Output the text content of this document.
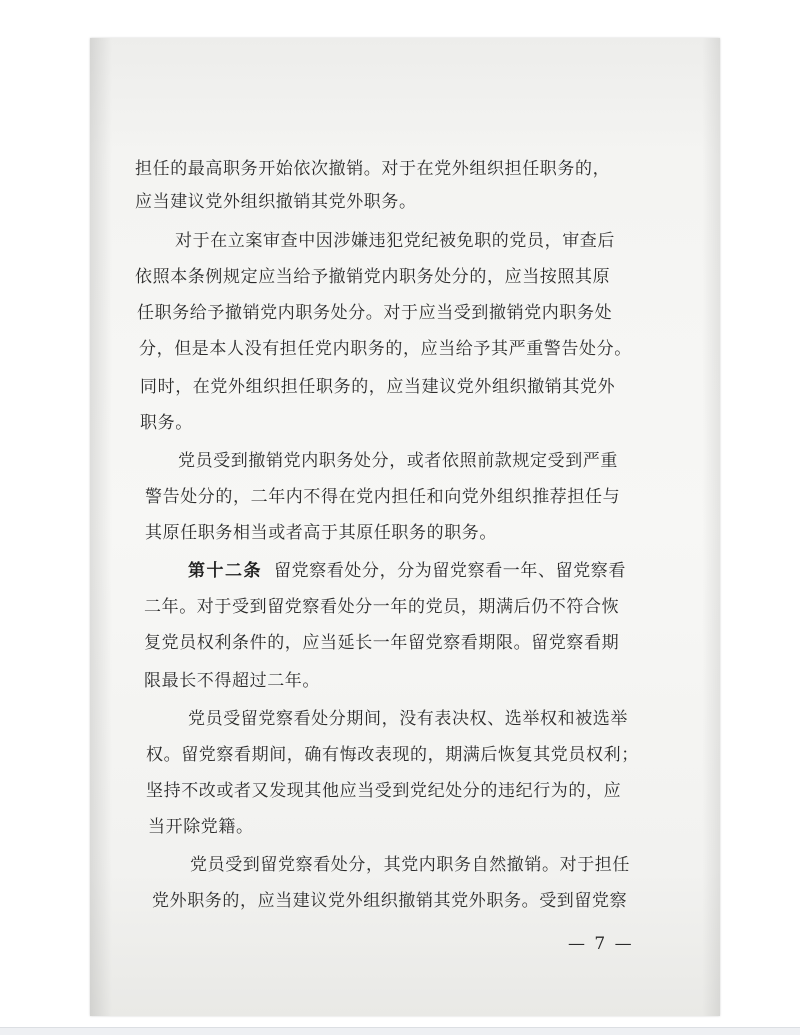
担任的最高职务开始依次撤销。对于在党外组织担任职务的，
应当建议党外组织撤销其党外职务。
对于在立案审查中因涉嫌违犯党纪被免职的党员，审查后
依照本条例规定应当给予撤销党内职务处分的，应当按照其原
任职务给予撤销党内职务处分。对于应当受到撤销党内职务处
分，但是本人没有担任党内职务的，应当给予其严重警告处分。
同时，在党外组织担任职务的，应当建议党外组织撤销其党外
职务。
党员受到撤销党内职务处分，或者依照前款规定受到严重
警告处分的，二年内不得在党内担任和向党外组织推荐担任与
其原任职务相当或者高于其原任职务的职务。
第十二条 留党察看处分，分为留党察看一年、留党察看
二年。对于受到留党察看处分一年的党员，期满后仍不符合恢
复党员权利条件的，应当延长一年留党察看期限。留党察看期
限最长不得超过二年。
党员受留党察看处分期间，没有表决权、选举权和被选举
权。留党察看期间，确有悔改表现的，期满后恢复其党员权利；
坚持不改或者又发现其他应当受到党纪处分的违纪行为的，应
当开除党籍。
党员受到留党察看处分，其党内职务自然撤销。对于担任
党外职务的，应当建议党外组织撤销其党外职务。受到留党察
— 7 —
